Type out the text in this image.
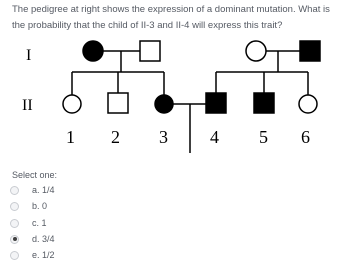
The pedigree at right shows the expression of a dominant mutation. What is the probability that the child of II-3 and II-4 will express this trait?
I
II
1 2 3 4 5 6
Select one:
a. 1/4
b. 0
c. 1
d. 3/4
e. 1/2
